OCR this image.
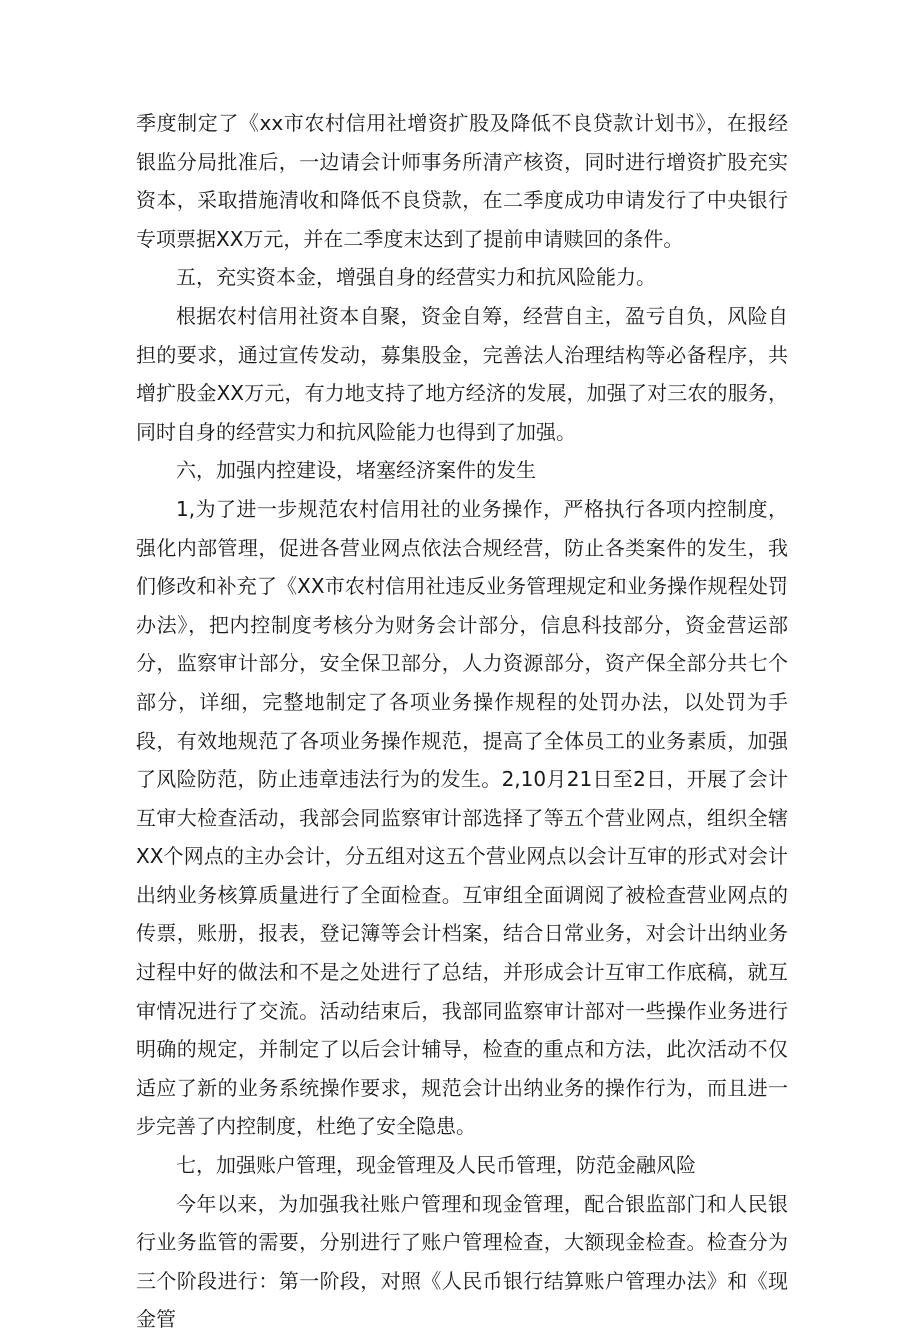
季度制定了《xx市农村信用社增资扩股及降低不良贷款计划书》，在报经银监分局批准后，一边请会计师事务所清产核资，同时进行增资扩股充实资本，采取措施清收和降低不良贷款，在二季度成功申请发行了中央银行专项票据XX万元，并在二季度末达到了提前申请赎回的条件。

五，充实资本金，增强自身的经营实力和抗风险能力。

根据农村信用社资本自聚，资金自筹，经营自主，盈亏自负，风险自担的要求，通过宣传发动，募集股金，完善法人治理结构等必备程序，共增扩股金XX万元，有力地支持了地方经济的发展，加强了对三农的服务，同时自身的经营实力和抗风险能力也得到了加强。

六，加强内控建设，堵塞经济案件的发生

1,为了进一步规范农村信用社的业务操作，严格执行各项内控制度，强化内部管理，促进各营业网点依法合规经营，防止各类案件的发生，我们修改和补充了《XX市农村信用社违反业务管理规定和业务操作规程处罚办法》，把内控制度考核分为财务会计部分，信息科技部分，资金营运部分，监察审计部分，安全保卫部分，人力资源部分，资产保全部分共七个部分，详细，完整地制定了各项业务操作规程的处罚办法，以处罚为手段，有效地规范了各项业务操作规范，提高了全体员工的业务素质，加强了风险防范，防止违章违法行为的发生。2,10月21日至2日，开展了会计互审大检查活动，我部会同监察审计部选择了等五个营业网点，组织全辖XX个网点的主办会计，分五组对这五个营业网点以会计互审的形式对会计出纳业务核算质量进行了全面检查。互审组全面调阅了被检查营业网点的传票，账册，报表，登记簿等会计档案，结合日常业务，对会计出纳业务过程中好的做法和不是之处进行了总结，并形成会计互审工作底稿，就互审情况进行了交流。活动结束后，我部同监察审计部对一些操作业务进行明确的规定，并制定了以后会计辅导，检查的重点和方法，此次活动不仅适应了新的业务系统操作要求，规范会计出纳业务的操作行为，而且进一步完善了内控制度，杜绝了安全隐患。

七，加强账户管理，现金管理及人民币管理，防范金融风险

今年以来，为加强我社账户管理和现金管理，配合银监部门和人民银行业务监管的需要，分别进行了账户管理检查，大额现金检查。检查分为三个阶段进行：第一阶段，对照《人民币银行结算账户管理办法》和《现金管
